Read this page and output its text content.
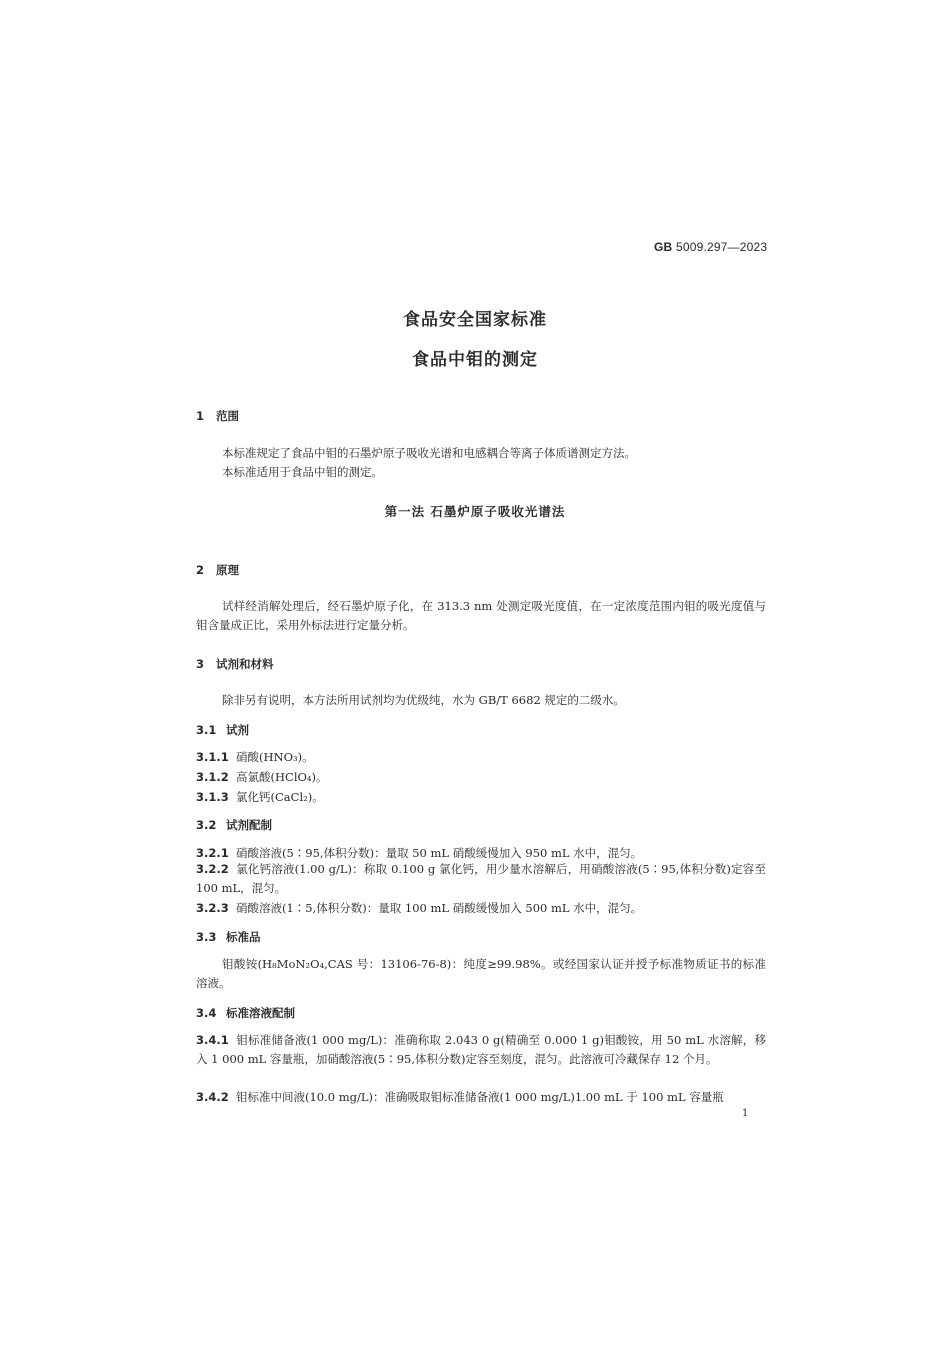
GB 5009.297—2023
食品安全国家标准
食品中钼的测定
1 范围
本标准规定了食品中钼的石墨炉原子吸收光谱和电感耦合等离子体质谱测定方法。
本标准适用于食品中钼的测定。
第一法 石墨炉原子吸收光谱法
2 原理
试样经消解处理后，经石墨炉原子化，在 313.3 nm 处测定吸光度值，在一定浓度范围内钼的吸光度值与钼含量成正比，采用外标法进行定量分析。
3 试剂和材料
除非另有说明，本方法所用试剂均为优级纯，水为 GB/T 6682 规定的二级水。
3.1 试剂
3.1.1 硝酸(HNO₃)。
3.1.2 高氯酸(HClO₄)。
3.1.3 氯化钙(CaCl₂)。
3.2 试剂配制
3.2.1 硝酸溶液(5∶95,体积分数)：量取 50 mL 硝酸缓慢加入 950 mL 水中，混匀。
3.2.2 氯化钙溶液(1.00 g/L)：称取 0.100 g 氯化钙，用少量水溶解后，用硝酸溶液(5∶95,体积分数)定容至 100 mL，混匀。
3.2.3 硝酸溶液(1∶5,体积分数)：量取 100 mL 硝酸缓慢加入 500 mL 水中，混匀。
3.3 标准品
钼酸铵(H₈MoN₂O₄,CAS 号：13106-76-8)：纯度≥99.98%。或经国家认证并授予标准物质证书的标准溶液。
3.4 标准溶液配制
3.4.1 钼标准储备液(1 000 mg/L)：准确称取 2.043 0 g(精确至 0.000 1 g)钼酸铵，用 50 mL 水溶解，移入 1 000 mL 容量瓶，加硝酸溶液(5∶95,体积分数)定容至刻度，混匀。此溶液可冷藏保存 12 个月。
3.4.2 钼标准中间液(10.0 mg/L)：准确吸取钼标准储备液(1 000 mg/L)1.00 mL 于 100 mL 容量瓶
1
